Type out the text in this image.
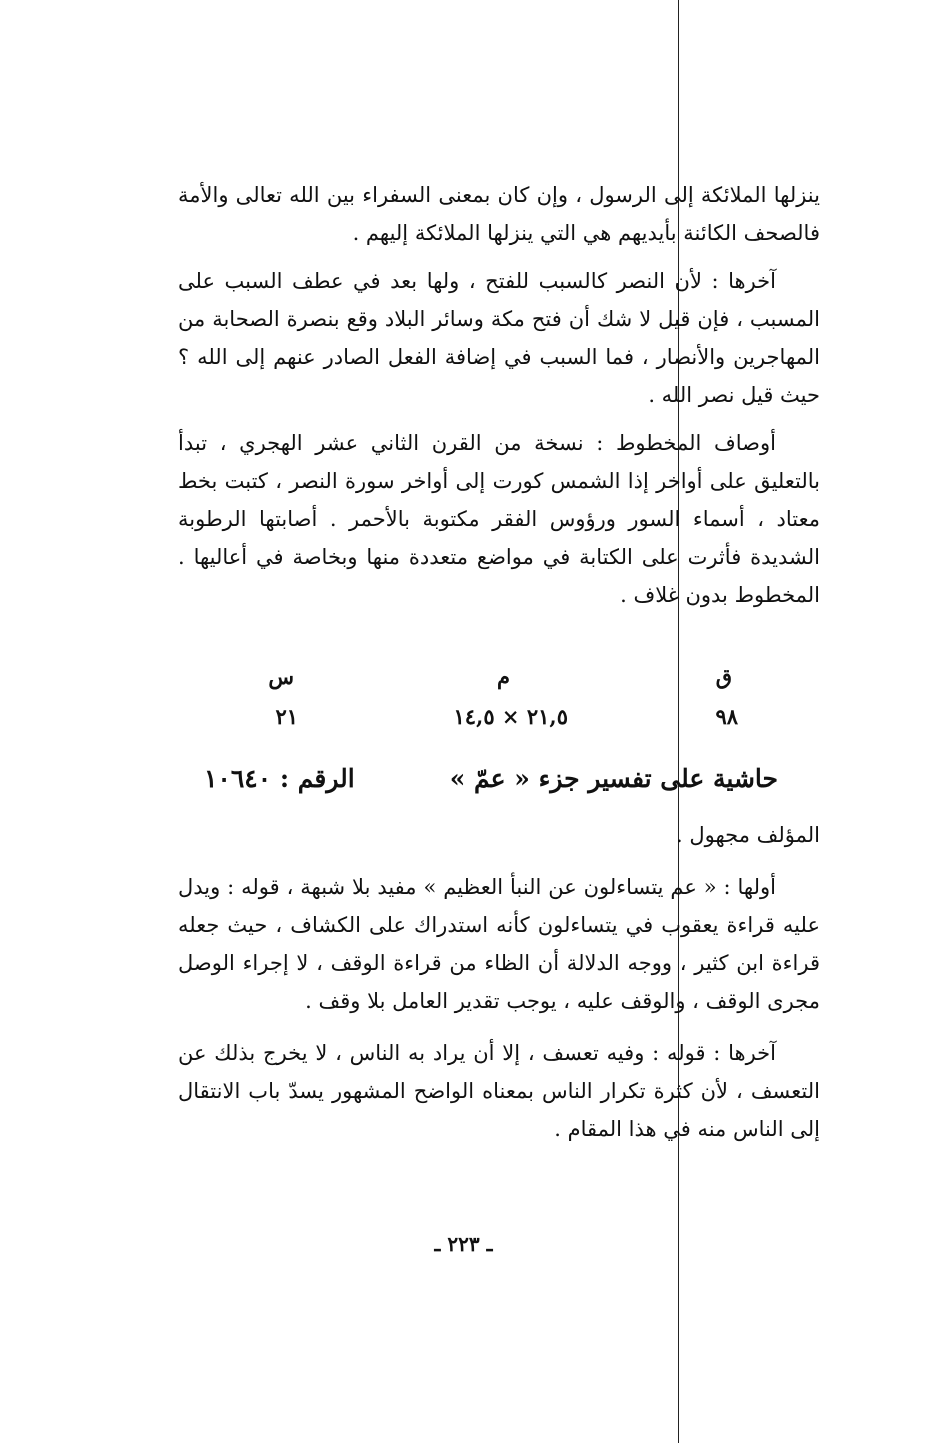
ينزلها الملائكة إلى الرسول ، وإن كان بمعنى السفراء بين الله تعالى والأمة فالصحف الكائنة بأيديهم هي التي ينزلها الملائكة إليهم .

آخرها : لأن النصر كالسبب للفتح ، ولها بعد في عطف السبب على المسبب ، فإن قيل لا شك أن فتح مكة وسائر البلاد وقع بنصرة الصحابة من المهاجرين والأنصار ، فما السبب في إضافة الفعل الصادر عنهم إلى الله ؟ حيث قيل نصر الله .

أوصاف المخطوط : نسخة من القرن الثاني عشر الهجري ، تبدأ بالتعليق على أواخر إذا الشمس كورت إلى أواخر سورة النصر ، كتبت بخط معتاد ، أسماء السور ورؤوس الفقر مكتوبة بالأحمر . أصابتها الرطوبة الشديدة فأثرت على الكتابة في مواضع متعددة منها وبخاصة في أعاليها . المخطوط بدون غلاف .

ق
م
س
٩٨
٢١,٥ × ١٤,٥
٢١
حاشية على تفسير جزء « عمّ »
الرقم : ١٠٦٤٠

المؤلف مجهول .

أولها : « عم يتساءلون عن النبأ العظيم » مفيد بلا شبهة ، قوله : ويدل عليه قراءة يعقوب في يتساءلون كأنه استدراك على الكشاف ، حيث جعله قراءة ابن كثير ، ووجه الدلالة أن الظاء من قراءة الوقف ، لا إجراء الوصل مجرى الوقف ، والوقف عليه ، يوجب تقدير العامل بلا وقف .

آخرها : قوله : وفيه تعسف ، إلا أن يراد به الناس ، لا يخرج بذلك عن التعسف ، لأن كثرة تكرار الناس بمعناه الواضح المشهور يسدّ باب الانتقال إلى الناس منه في هذا المقام .

ـ ٢٢٣ ـ
